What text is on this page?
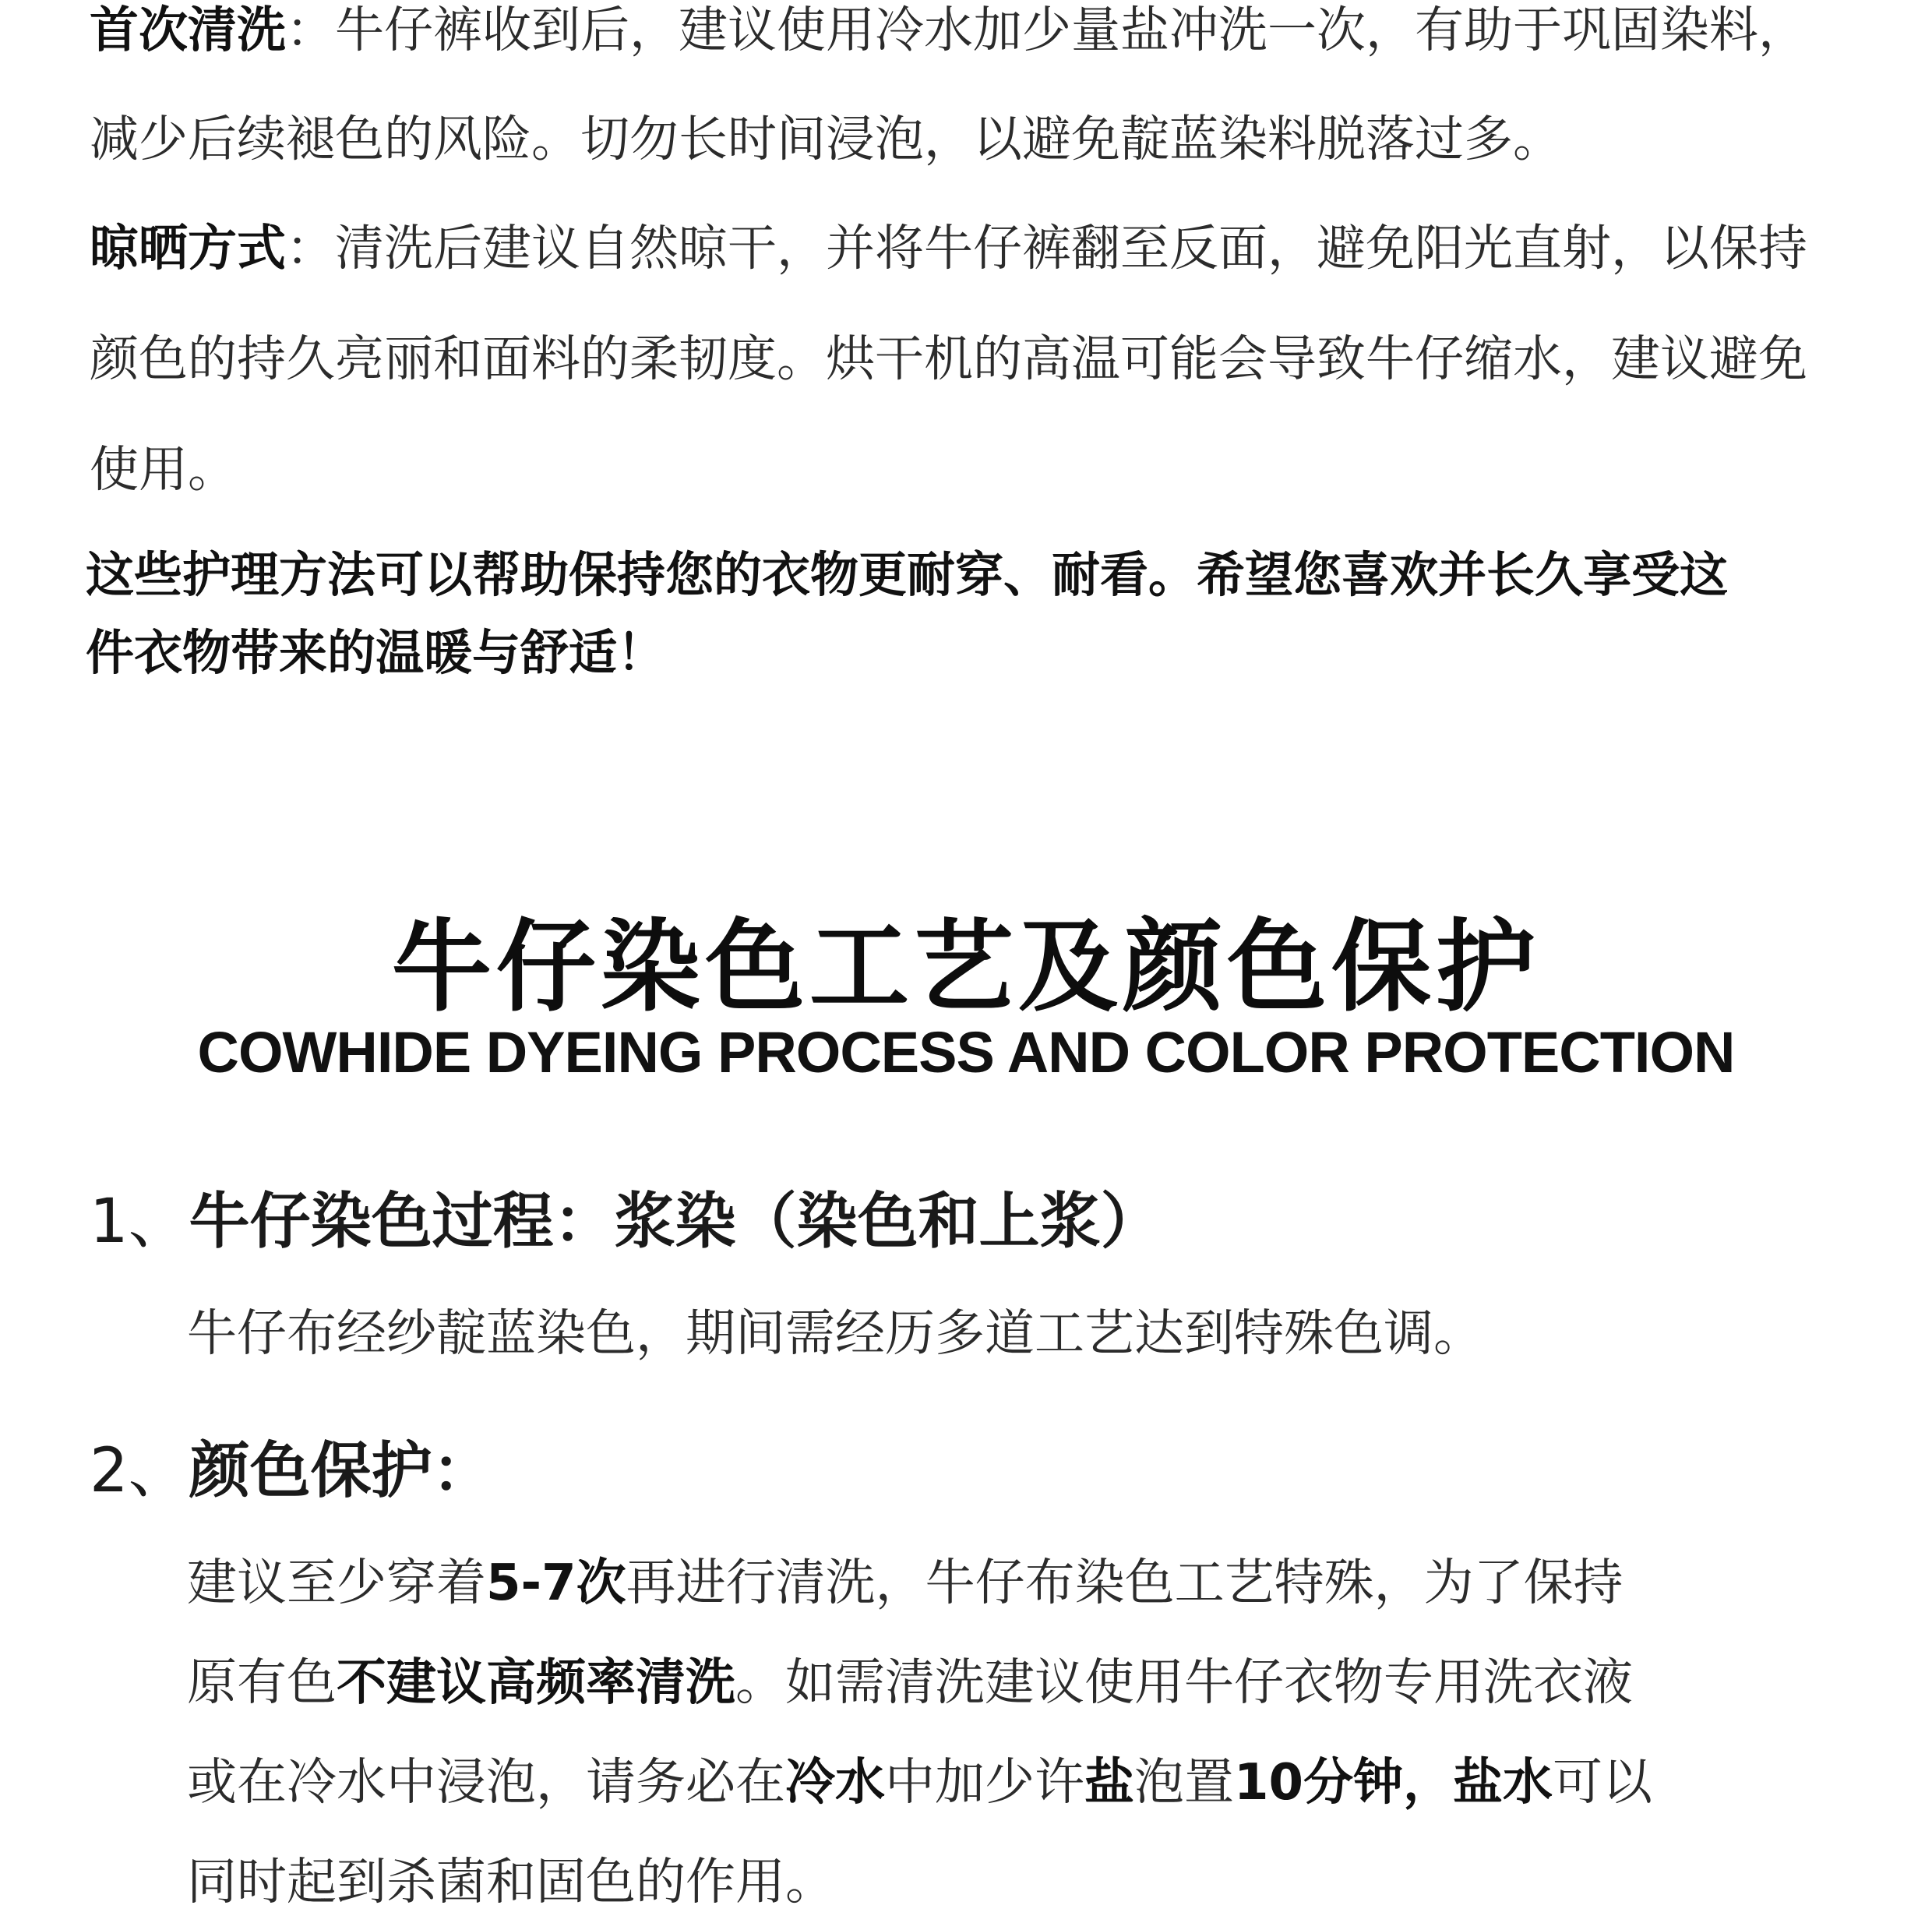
首次清洗：牛仔裤收到后，建议使用冷水加少量盐冲洗一次，有助于巩固染料，

减少后续褪色的风险。切勿长时间浸泡，以避免靛蓝染料脱落过多。

晾晒方式：清洗后建议自然晾干，并将牛仔裤翻至反面，避免阳光直射，以保持

颜色的持久亮丽和面料的柔韧度。烘干机的高温可能会导致牛仔缩水，建议避免

使用。

这些护理方法可以帮助保持您的衣物更耐穿、耐看。希望您喜欢并长久享受这

件衣物带来的温暖与舒适！

牛仔染色工艺及颜色保护
COWHIDE DYEING PROCESS AND COLOR PROTECTION

1、牛仔染色过程：浆染（染色和上浆）

牛仔布经纱靛蓝染色，期间需经历多道工艺达到特殊色调。

2、颜色保护：

建议至少穿着5-7次再进行清洗，牛仔布染色工艺特殊，为了保持

原有色不建议高频率清洗。如需清洗建议使用牛仔衣物专用洗衣液

或在冷水中浸泡，请务必在冷水中加少许盐泡置10分钟，盐水可以

同时起到杀菌和固色的作用。
